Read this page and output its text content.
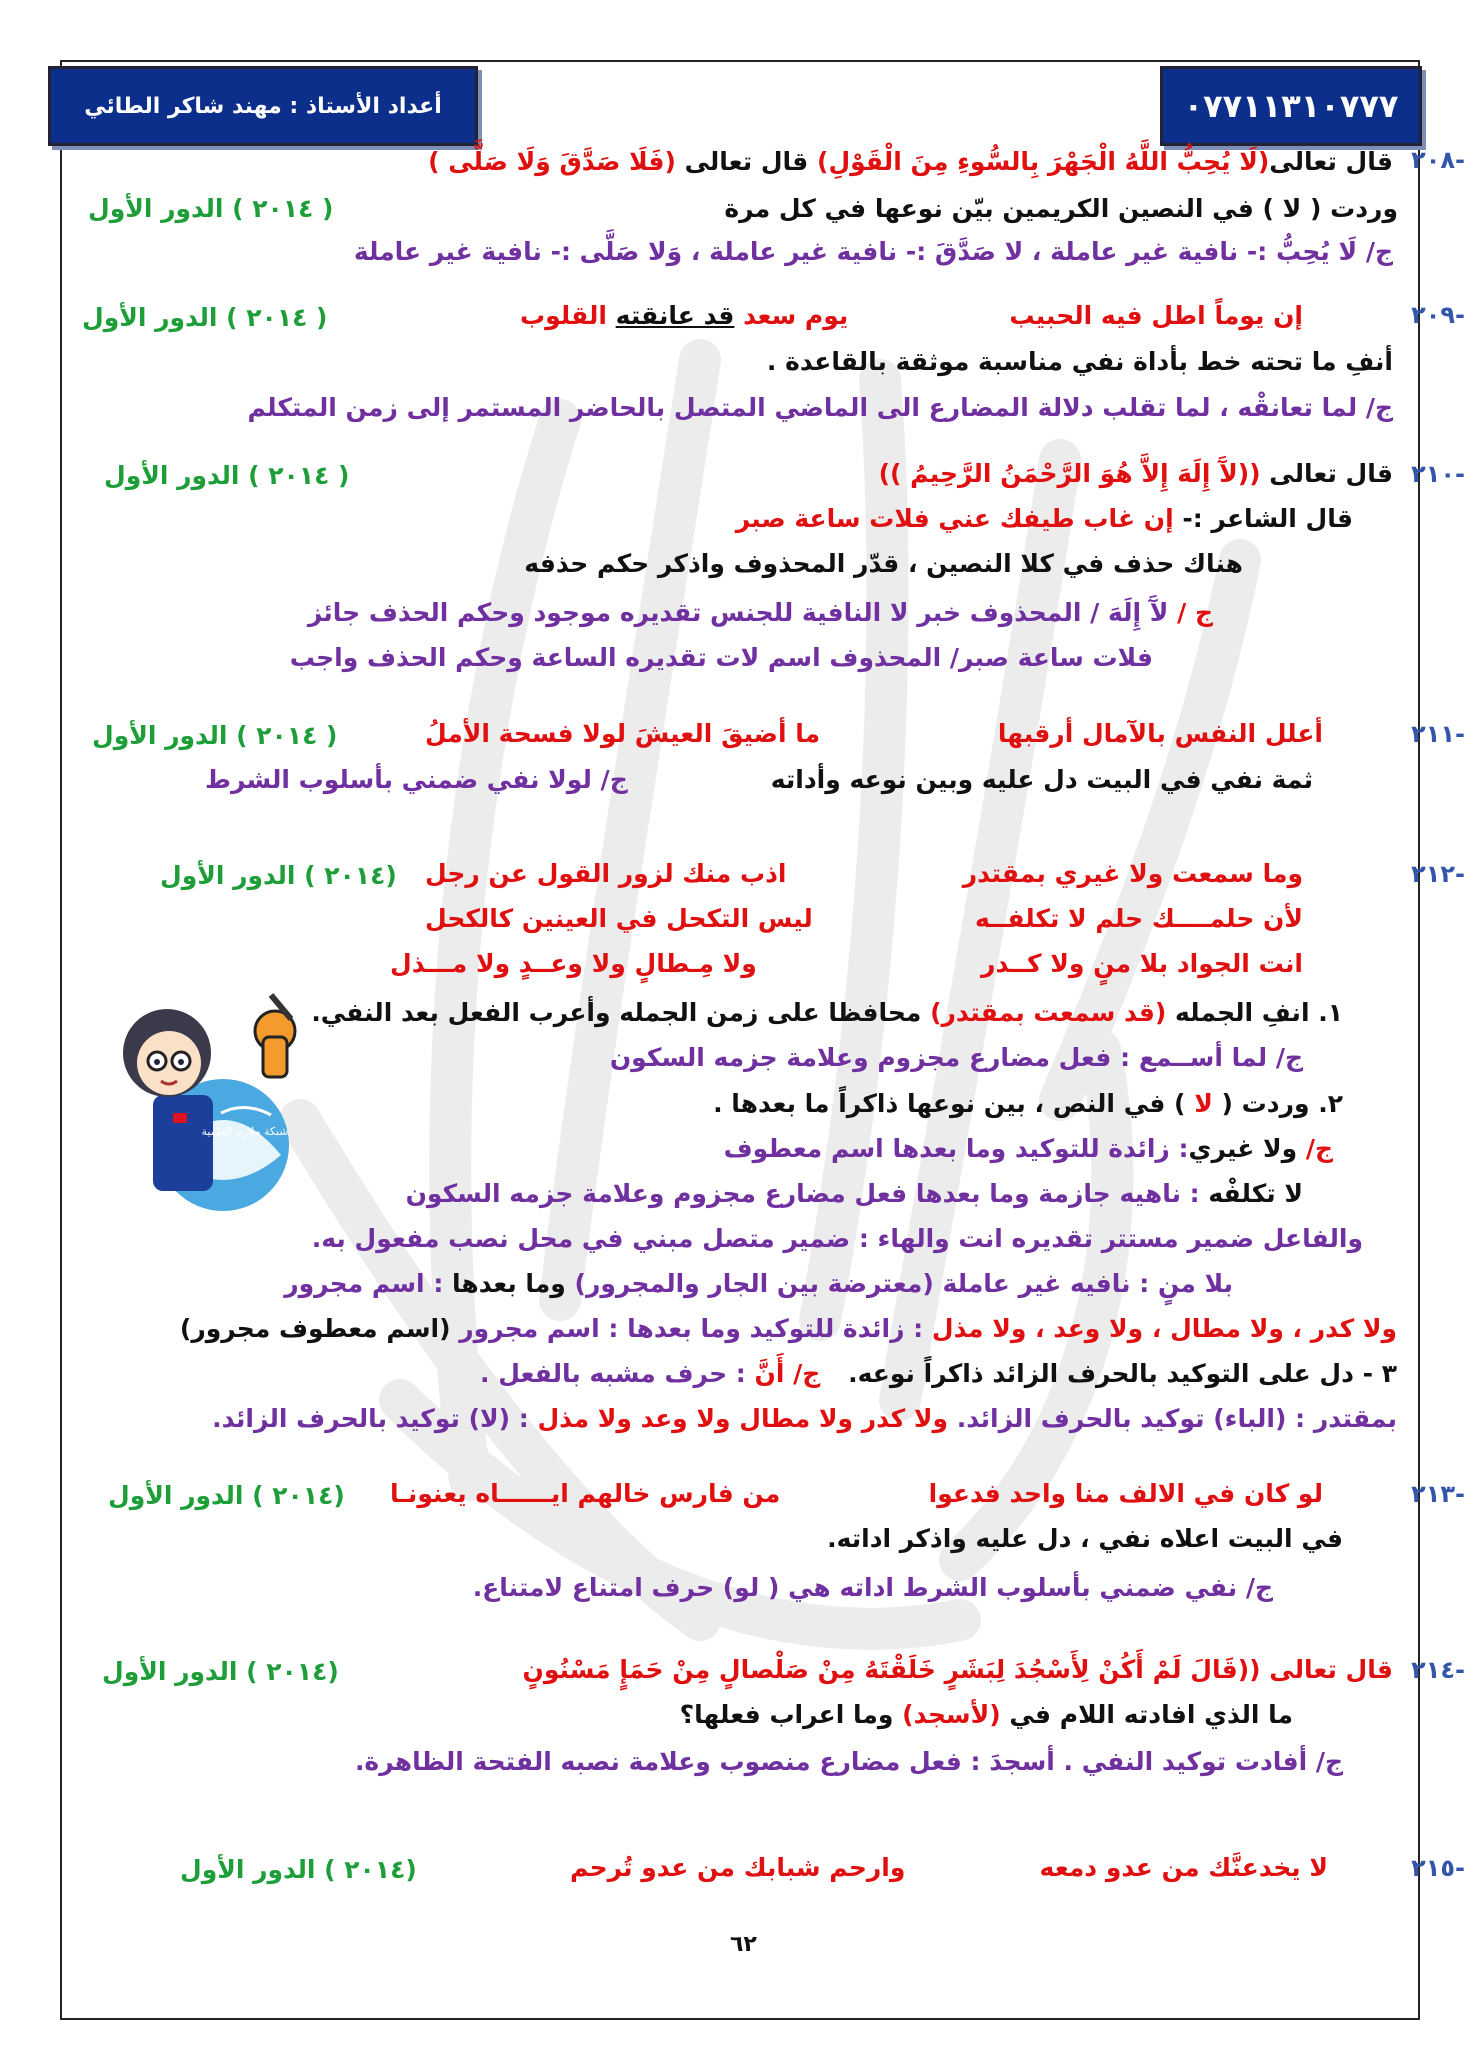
أعداد الأستاذ : مهند شاكر الطائي	٠٧٧١١٣١٠٧٧٧
-٢٠٨
قال تعالى(لَا يُحِبُّ اللَّهُ الْجَهْرَ بِالسُّوءِ مِنَ الْقَوْلِ) قال تعالى (فَلَا صَدَّقَ وَلَا صَلَّى )
وردت ( لا ) في النصين الكريمين بيّن نوعها في كل مرة
( ٢٠١٤ ) الدور الأول
ج/ لَا يُحِبُّ :- نافية غير عاملة ، لا صَدَّقَ :- نافية غير عاملة ، وَلا صَلَّى :- نافية غير عاملة
-٢٠٩
إن يوماً اطل فيه الحبيب
يوم سعد قد عانقته القلوب
( ٢٠١٤ ) الدور الأول
أنفِ ما تحته خط بأداة نفي مناسبة موثقة بالقاعدة .
ج/ لما تعانقْه ، لما تقلب دلالة المضارع الى الماضي المتصل بالحاضر المستمر إلى زمن المتكلم
-٢١٠
قال تعالى ((لآَ إِلَهَ إِلاَّ هُوَ الرَّحْمَنُ الرَّحِيمُ ))
( ٢٠١٤ ) الدور الأول
قال الشاعر :- إن غاب طيفك عني فلات ساعة صبر
هناك حذف في كلا النصين ، قدّر المحذوف واذكر حكم حذفه
ج / لآَ إِلَهَ / المحذوف خبر لا النافية للجنس تقديره موجود وحكم الحذف جائز
فلات ساعة صبر/ المحذوف اسم لات تقديره الساعة وحكم الحذف واجب
-٢١١
أعلل النفس بالآمال أرقبها
ما أضيقَ العيشَ لولا فسحة الأملُ
( ٢٠١٤ ) الدور الأول
ثمة نفي في البيت دل عليه وبين نوعه وأداته
ج/ لولا نفي ضمني بأسلوب الشرط
-٢١٢
وما سمعت ولا غيري بمقتدر
اذب منك لزور القول عن رجل
(٢٠١٤ ) الدور الأول
لأن حلمــــك حلم لا تكلفــه
ليس التكحل في العينين كالكحل
انت الجواد بلا منٍ ولا كــدر
ولا مِـطالٍ ولا وعــدٍ ولا مـــذل
١. انفِ الجمله (قد سمعت بمقتدر) محافظا على زمن الجمله وأعرب الفعل بعد النفي.
ج/ لما أســمع : فعل مضارع مجزوم وعلامة جزمه السكون
٢. وردت ( لا ) في النص ، بين نوعها ذاكراً ما بعدها .
ج/ ولا غيري: زائدة للتوكيد وما بعدها اسم معطوف
لا تكلفْه : ناهيه جازمة وما بعدها فعل مضارع مجزوم وعلامة جزمه السكون
والفاعل ضمير مستتر تقديره انت والهاء : ضمير متصل مبني في محل نصب مفعول به.
بلا منٍ : نافيه غير عاملة (معترضة بين الجار والمجرور) وما بعدها : اسم مجرور
ولا كدر ، ولا مطال ، ولا وعد ، ولا مذل : زائدة للتوكيد وما بعدها : اسم مجرور (اسم معطوف مجرور)
٣ - دل على التوكيد بالحرف الزائد ذاكراً نوعه.
ج/ أَنَّ : حرف مشبه بالفعل .
بمقتدر : (الباء) توكيد بالحرف الزائد. ولا كدر ولا مطال ولا وعد ولا مذل : (لا) توكيد بالحرف الزائد.
-٢١٣
لو كان في الالف منا واحد فدعوا
من فارس خالهم ايــــــاه يعنونـا
(٢٠١٤ ) الدور الأول
في البيت اعلاه نفي ، دل عليه واذكر اداته.
ج/ نفي ضمني بأسلوب الشرط اداته هي ( لو) حرف امتناع لامتناع.
-٢١٤
قال تعالى ((قَالَ لَمْ أَكُنْ لِأَسْجُدَ لِبَشَرٍ خَلَقْتَهُ مِنْ صَلْصالٍ مِنْ حَمَإٍ مَسْنُونٍ
(٢٠١٤ ) الدور الأول
ما الذي افادته اللام في (لأسجد) وما اعراب فعلها؟
ج/ أفادت توكيد النفي . أسجدَ : فعل مضارع منصوب وعلامة نصبه الفتحة الظاهرة.
-٢١٥
لا يخدعنَّك من عدو دمعه
وارحم شبابك من عدو تُرحم
(٢٠١٤ ) الدور الأول
شبكة ملازم العلمية
٦٢
